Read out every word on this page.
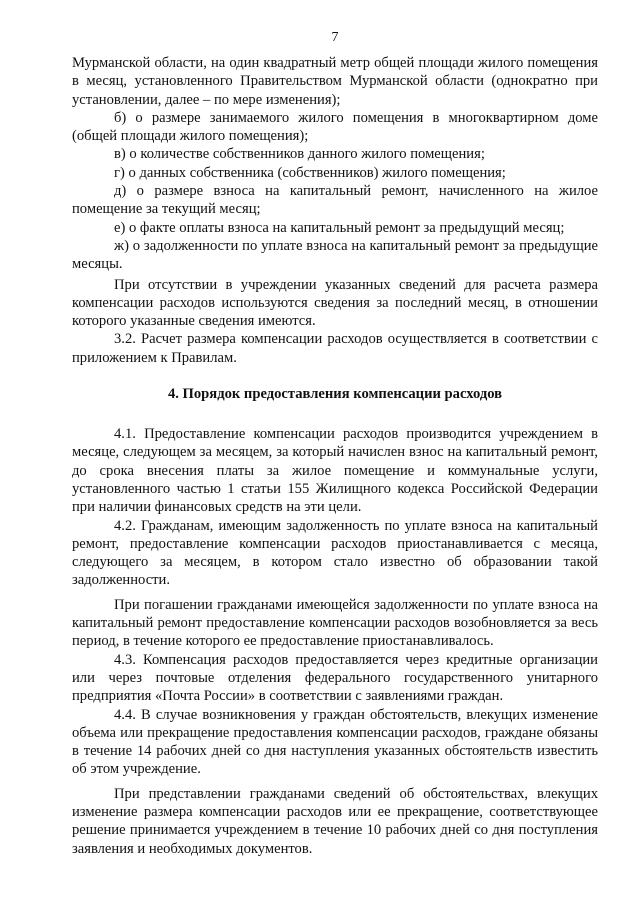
7

Мурманской области, на один квадратный метр общей площади жилого помещения в месяц, установленного Правительством Мурманской области (однократно при установлении, далее – по мере изменения);

б) о размере занимаемого жилого помещения в многоквартирном доме (общей площади жилого помещения);

в) о количестве собственников данного жилого помещения;

г) о данных собственника (собственников) жилого помещения;

д) о размере взноса на капитальный ремонт, начисленного на жилое помещение за текущий месяц;

е) о факте оплаты взноса на капитальный ремонт за предыдущий месяц;

ж) о задолженности по уплате взноса на капитальный ремонт за предыдущие месяцы.

При отсутствии в учреждении указанных сведений для расчета размера компенсации расходов используются сведения за последний месяц, в отношении которого указанные сведения имеются.

3.2. Расчет размера компенсации расходов осуществляется в соответствии с приложением к Правилам.

4. Порядок предоставления компенсации расходов

4.1. Предоставление компенсации расходов производится учреждением в месяце, следующем за месяцем, за который начислен взнос на капитальный ремонт, до срока внесения платы за жилое помещение и коммунальные услуги, установленного частью 1 статьи 155 Жилищного кодекса Российской Федерации при наличии финансовых средств на эти цели.

4.2. Гражданам, имеющим задолженность по уплате взноса на капитальный ремонт, предоставление компенсации расходов приостанавливается с месяца, следующего за месяцем, в котором стало известно об образовании такой задолженности.

При погашении гражданами имеющейся задолженности по уплате взноса на капитальный ремонт предоставление компенсации расходов возобновляется за весь период, в течение которого ее предоставление приостанавливалось.

4.3. Компенсация расходов предоставляется через кредитные организации или через почтовые отделения федерального государственного унитарного предприятия «Почта России» в соответствии с заявлениями граждан.

4.4. В случае возникновения у граждан обстоятельств, влекущих изменение объема или прекращение предоставления компенсации расходов, граждане обязаны в течение 14 рабочих дней со дня наступления указанных обстоятельств известить об этом учреждение.

При представлении гражданами сведений об обстоятельствах, влекущих изменение размера компенсации расходов или ее прекращение, соответствующее решение принимается учреждением в течение 10 рабочих дней со дня поступления заявления и необходимых документов.
